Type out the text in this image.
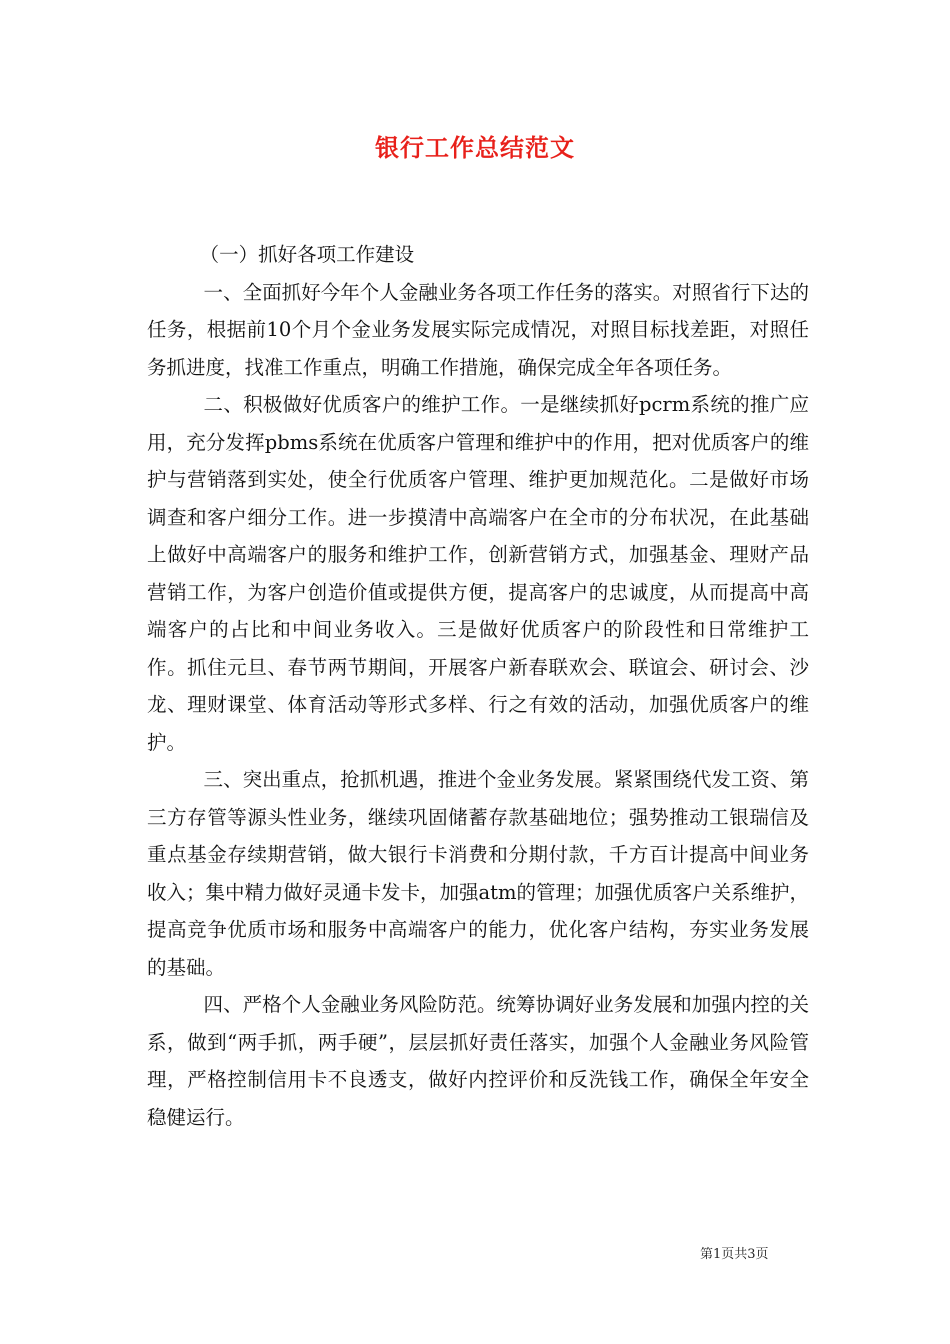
银行工作总结范文

（一）抓好各项工作建设

一、全面抓好今年个人金融业务各项工作任务的落实。对照省行下达的任务，根据前10个月个金业务发展实际完成情况，对照目标找差距，对照任务抓进度，找准工作重点，明确工作措施，确保完成全年各项任务。

二、积极做好优质客户的维护工作。一是继续抓好pcrm系统的推广应用，充分发挥pbms系统在优质客户管理和维护中的作用，把对优质客户的维护与营销落到实处，使全行优质客户管理、维护更加规范化。二是做好市场调查和客户细分工作。进一步摸清中高端客户在全市的分布状况，在此基础上做好中高端客户的服务和维护工作，创新营销方式，加强基金、理财产品营销工作，为客户创造价值或提供方便，提高客户的忠诚度，从而提高中高端客户的占比和中间业务收入。三是做好优质客户的阶段性和日常维护工作。抓住元旦、春节两节期间，开展客户新春联欢会、联谊会、研讨会、沙龙、理财课堂、体育活动等形式多样、行之有效的活动，加强优质客户的维护。

三、突出重点，抢抓机遇，推进个金业务发展。紧紧围绕代发工资、第三方存管等源头性业务，继续巩固储蓄存款基础地位；强势推动工银瑞信及重点基金存续期营销，做大银行卡消费和分期付款，千方百计提高中间业务收入；集中精力做好灵通卡发卡，加强atm的管理；加强优质客户关系维护，提高竞争优质市场和服务中高端客户的能力，优化客户结构，夯实业务发展的基础。

四、严格个人金融业务风险防范。统筹协调好业务发展和加强内控的关系，做到“两手抓，两手硬”，层层抓好责任落实，加强个人金融业务风险管理，严格控制信用卡不良透支，做好内控评价和反洗钱工作，确保全年安全稳健运行。

第1页共3页
